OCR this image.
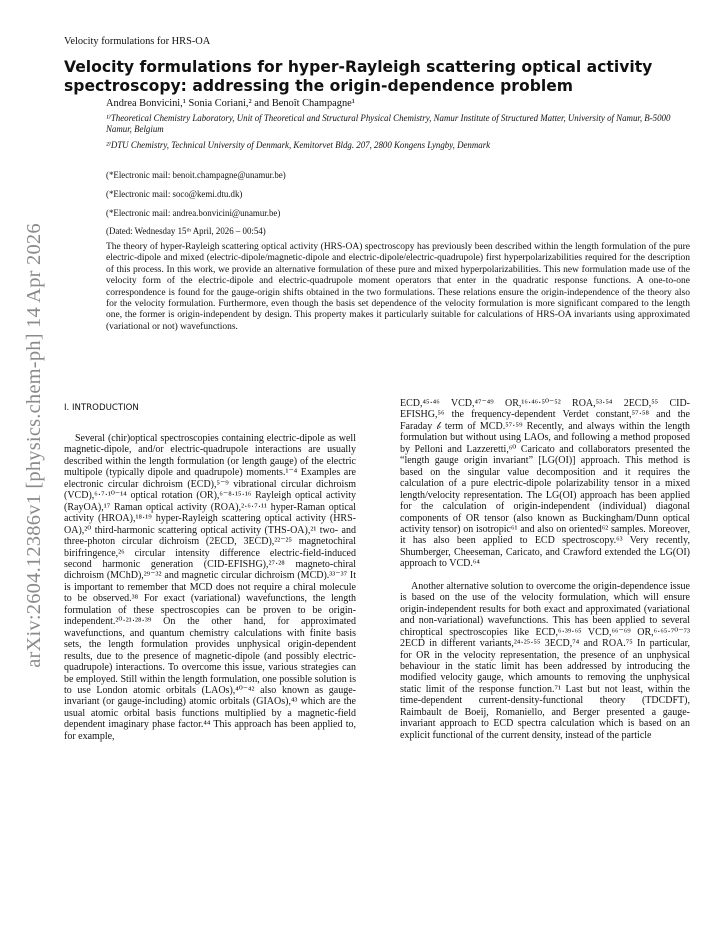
arXiv:2604.12386v1 [physics.chem-ph] 14 Apr 2026
Velocity formulations for HRS-OA
Velocity formulations for hyper-Rayleigh scattering optical activity spectroscopy: addressing the origin-dependence problem
Andrea Bonvicini,¹ Sonia Coriani,² and Benoît Champagne¹
¹⁾Theoretical Chemistry Laboratory, Unit of Theoretical and Structural Physical Chemistry, Namur Institute of Structured Matter, University of Namur, B-5000 Namur, Belgium
²⁾DTU Chemistry, Technical University of Denmark, Kemitorvet Bldg. 207, 2800 Kongens Lyngby, Denmark
(*Electronic mail: benoit.champagne@unamur.be)
(*Electronic mail: soco@kemi.dtu.dk)
(*Electronic mail: andrea.bonvicini@unamur.be)
(Dated: Wednesday 15ᵗʰ April, 2026 – 00:54)
The theory of hyper-Rayleigh scattering optical activity (HRS-OA) spectroscopy has previously been described within the length formulation of the pure electric-dipole and mixed (electric-dipole/magnetic-dipole and electric-dipole/electric-quadrupole) first hyperpolarizabilities required for the description of this process. In this work, we provide an alternative formulation of these pure and mixed hyperpolarizabilities. This new formulation made use of the velocity form of the electric-dipole and electric-quadrupole moment operators that enter in the quadratic response functions. A one-to-one correspondence is found for the gauge-origin shifts obtained in the two formulations. These relations ensure the origin-independence of the theory also for the velocity formulation. Furthermore, even though the basis set dependence of the velocity formulation is more significant compared to the length one, the former is origin-independent by design. This property makes it particularly suitable for calculations of HRS-OA invariants using approximated (variational or not) wavefunctions.
I. INTRODUCTION

Several (chir)optical spectroscopies containing electric-dipole as well magnetic-dipole, and/or electric-quadrupole interactions are usually described within the length formulation (or length gauge) of the electric multipole (typically dipole and quadrupole) moments.¹⁻⁴ Examples are electronic circular dichroism (ECD),⁵⁻⁹ vibrational circular dichroism (VCD),⁶·⁷·¹⁰⁻¹⁴ optical rotation (OR),⁶⁻⁸·¹⁵·¹⁶ Rayleigh optical activity (RayOA),¹⁷ Raman optical activity (ROA),²·⁶·⁷·¹¹ hyper-Raman optical activity (HROA),¹⁸·¹⁹ hyper-Rayleigh scattering optical activity (HRS-OA),²⁰ third-harmonic scattering optical activity (THS-OA),²¹ two- and three-photon circular dichroism (2ECD, 3ECD),²²⁻²⁵ magnetochiral birifringence,²⁶ circular intensity difference electric-field-induced second harmonic generation (CID-EFISHG),²⁷·²⁸ magneto-chiral dichroism (MChD),²⁹⁻³² and magnetic circular dichroism (MCD).³³⁻³⁷ It is important to remember that MCD does not require a chiral molecule to be observed.³⁸ For exact (variational) wavefunctions, the length formulation of these spectroscopies can be proven to be origin-independent.²⁰·²¹·²⁸·³⁹ On the other hand, for approximated wavefunctions, and quantum chemistry calculations with finite basis sets, the length formulation provides unphysical origin-dependent results, due to the presence of magnetic-dipole (and possibly electric-quadrupole) interactions. To overcome this issue, various strategies can be employed. Still within the length formulation, one possible solution is to use London atomic orbitals (LAOs),⁴⁰⁻⁴² also known as gauge-invariant (or gauge-including) atomic orbitals (GIAOs),⁴³ which are the usual atomic orbital basis functions multiplied by a magnetic-field dependent imaginary phase factor.⁴⁴ This approach has been applied to, for example,

ECD,⁴⁵·⁴⁶ VCD,⁴⁷⁻⁴⁹ OR,¹⁶·⁴⁶·⁵⁰⁻⁵² ROA,⁵³·⁵⁴ 2ECD,⁵⁵ CID-EFISHG,⁵⁶ the frequency-dependent Verdet constant,⁵⁷·⁵⁸ and the Faraday 𝒷 term of MCD.⁵⁷·⁵⁹ Recently, and always within the length formulation but without using LAOs, and following a method proposed by Pelloni and Lazzeretti,⁶⁰ Caricato and collaborators presented the “length gauge origin invariant” [LG(OI)] approach. This method is based on the singular value decomposition and it requires the calculation of a pure electric-dipole polarizability tensor in a mixed length/velocity representation. The LG(OI) approach has been applied for the calculation of origin-independent (individual) diagonal components of OR tensor (also known as Buckingham/Dunn optical activity tensor) on isotropic⁶¹ and also on oriented⁶² samples. Moreover, it has also been applied to ECD spectroscopy.⁶³ Very recently, Shumberger, Cheeseman, Caricato, and Crawford extended the LG(OI) approach to VCD.⁶⁴

Another alternative solution to overcome the origin-dependence issue is based on the use of the velocity formulation, which will ensure origin-independent results for both exact and approximated (variational and non-variational) wavefunctions. This has been applied to several chiroptical spectroscopies like ECD,⁶·³⁹·⁶⁵ VCD,⁶⁶⁻⁶⁹ OR,⁶·⁶⁵·⁷⁰⁻⁷³ 2ECD in different variants,²⁴·²⁵·⁵⁵ 3ECD,⁷⁴ and ROA.⁷⁵ In particular, for OR in the velocity representation, the presence of an unphysical behaviour in the static limit has been addressed by introducing the modified velocity gauge, which amounts to removing the unphysical static limit of the response function.⁷¹ Last but not least, within the time-dependent current-density-functional theory (TDCDFT), Raimbault de Boeij, Romaniello, and Berger presented a gauge-invariant approach to ECD spectra calculation which is based on an explicit functional of the current density, instead of the particle
